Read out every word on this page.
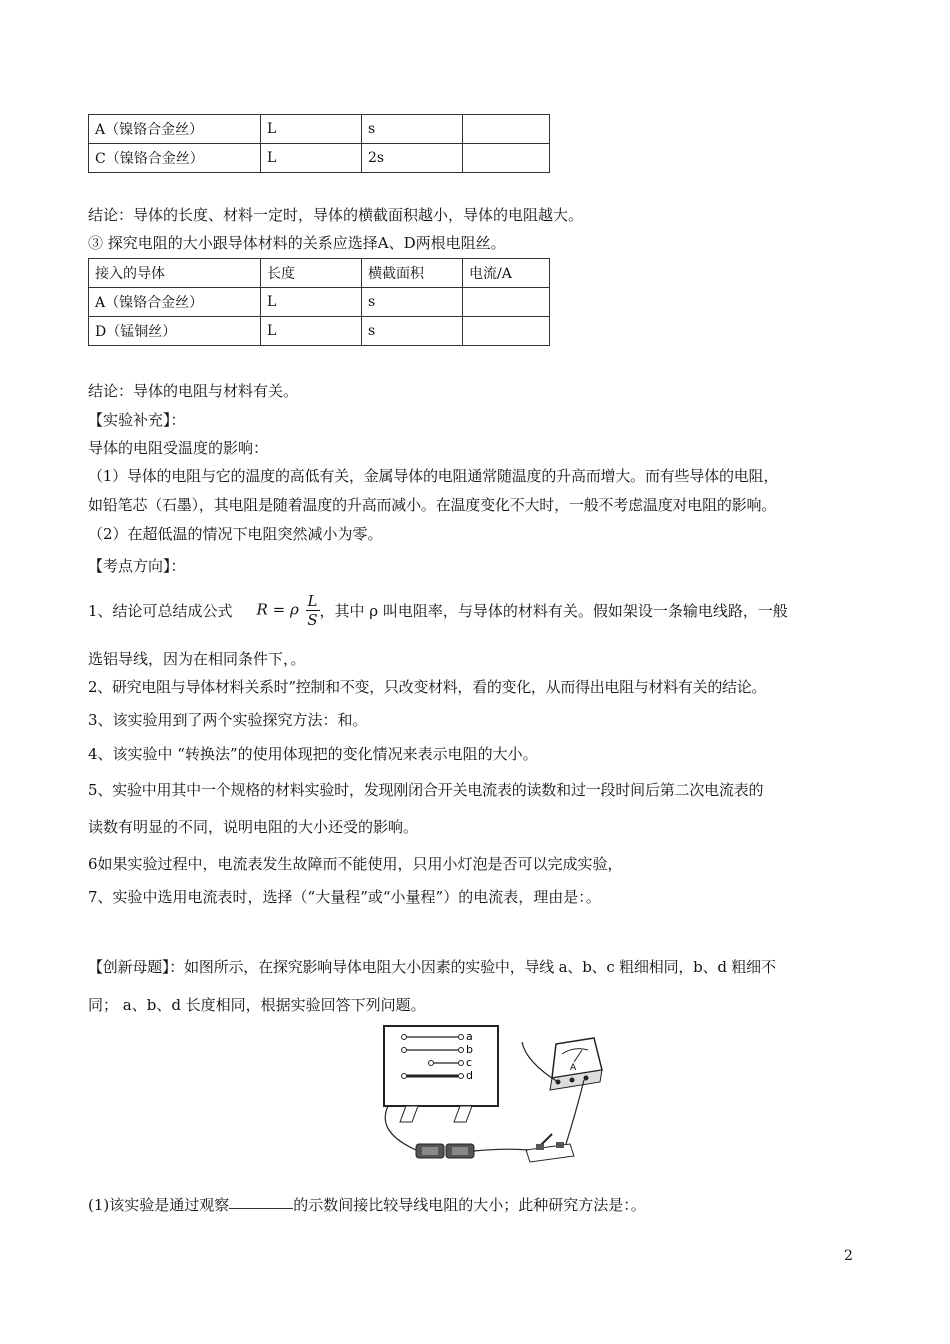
A（镍铬合金丝）	L	s	
C（镍铬合金丝）	L	2s	
结论：导体的长度、材料一定时，导体的横截面积越小，导体的电阻越大。
③ 探究电阻的大小跟导体材料的关系应选择A、D两根电阻丝。
接入的导体	长度	横截面积	电流/A
A（镍铬合金丝）	L	s	
D（锰铜丝）	L	s	
结论：导体的电阻与材料有关。
【实验补充】：
导体的电阻受温度的影响：
（1）导体的电阻与它的温度的高低有关，金属导体的电阻通常随温度的升高而增大。而有些导体的电阻，
如铅笔芯（石墨），其电阻是随着温度的升高而减小。在温度变化不大时，一般不考虑温度对电阻的影响。
（2）在超低温的情况下电阻突然减小为零。
【考点方向】：
1、结论可总结成公式 R = ρ $\frac{L}{S}$ ，其中 ρ 叫电阻率，与导体的材料有关。假如架设一条输电线路，一般
选铝导线，因为在相同条件下，。
2、研究电阻与导体材料关系时”控制和不变，只改变材料，看的变化，从而得出电阻与材料有关的结论。
3、该实验用到了两个实验探究方法：和。
4、该实验中 “转换法”的使用体现把的变化情况来表示电阻的大小。
5、实验中用其中一个规格的材料实验时，发现刚闭合开关电流表的读数和过一段时间后第二次电流表的
读数有明显的不同，说明电阻的大小还受的影响。
6如果实验过程中，电流表发生故障而不能使用，只用小灯泡是否可以完成实验，
7、实验中选用电流表时，选择（“大量程”或“小量程”）的电流表，理由是：。
【创新母题】：如图所示，在探究影响导体电阻大小因素的实验中，导线 a、b、c 粗细相同，b、d 粗细不
同； a、b、d 长度相同，根据实验回答下列问题。
a
b
c
d
A
(1)该实验是通过观察	的示数间接比较导线电阻的大小；此种研究方法是：。
2
